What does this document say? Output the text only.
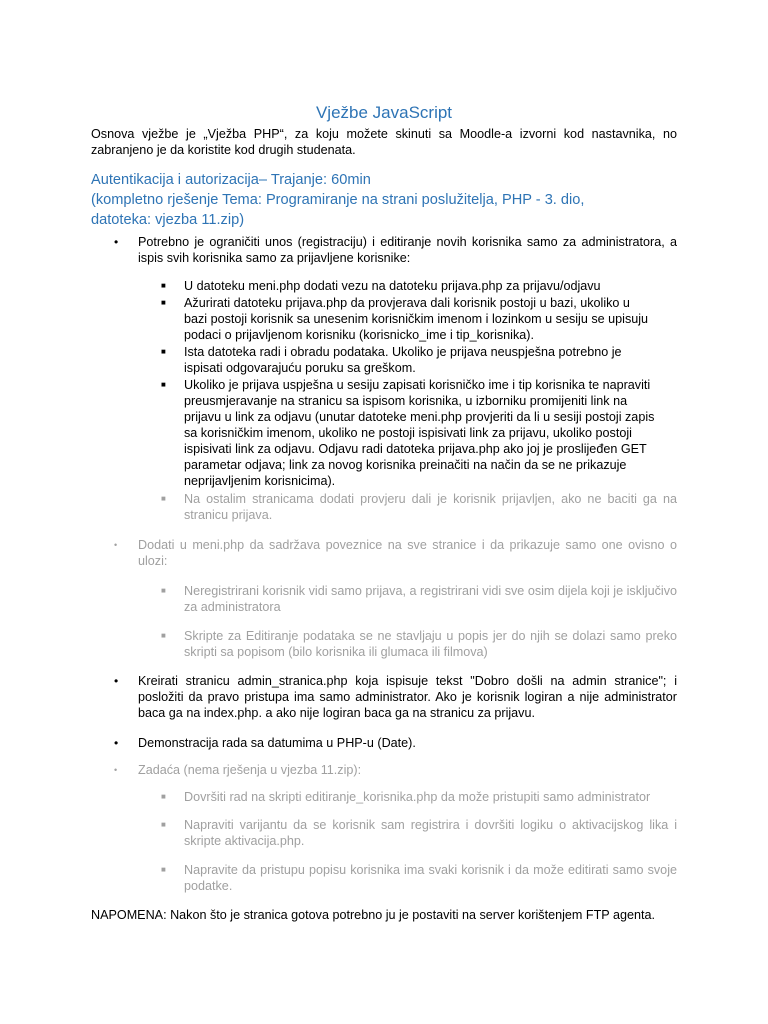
Vježbe JavaScript
Osnova vježbe je „Vježba PHP“, za koju možete skinuti sa Moodle-a izvorni kod nastavnika, no zabranjeno je da koristite kod drugih studenata.
Autentikacija i autorizacija– Trajanje: 60min
(kompletno rješenje Tema: Programiranje na strani poslužitelja, PHP - 3. dio,
datoteka: vjezba 11.zip)
• Potrebno je ograničiti unos (registraciju) i editiranje novih korisnika samo za administratora, a ispis svih korisnika samo za prijavljene korisnike:
■ U datoteku meni.php dodati vezu na datoteku prijava.php za prijavu/odjavu
■ Ažurirati datoteku prijava.php da provjerava dali korisnik postoji u bazi, ukoliko u bazi postoji korisnik sa unesenim korisničkim imenom i lozinkom u sesiju se upisuju podaci o prijavljenom korisniku (korisnicko_ime i tip_korisnika).
■ Ista datoteka radi i obradu podataka. Ukoliko je prijava neuspješna potrebno je ispisati odgovarajuću poruku sa greškom.
■ Ukoliko je prijava uspješna u sesiju zapisati korisničko ime i tip korisnika te napraviti preusmjeravanje na stranicu sa ispisom korisnika, u izborniku promijeniti link na prijavu u link za odjavu (unutar datoteke meni.php provjeriti da li u sesiji postoji zapis sa korisničkim imenom, ukoliko ne postoji ispisivati link za prijavu, ukoliko postoji ispisivati link za odjavu. Odjavu radi datoteka prijava.php ako joj je proslijeđen GET parametar odjava; link za novog korisnika preinačiti na način da se ne prikazuje neprijavljenim korisnicima).
■ Na ostalim stranicama dodati provjeru dali je korisnik prijavljen, ako ne baciti ga na stranicu prijava.
• Dodati u meni.php da sadržava poveznice na sve stranice i da prikazuje samo one ovisno o ulozi:
■ Neregistrirani korisnik vidi samo prijava, a registrirani vidi sve osim dijela koji je isključivo za administratora
■ Skripte za Editiranje podataka se ne stavljaju u popis jer do njih se dolazi samo preko skripti sa popisom (bilo korisnika ili glumaca ili filmova)
• Kreirati stranicu admin_stranica.php koja ispisuje tekst "Dobro došli na admin stranice"; i posložiti da pravo pristupa ima samo administrator. Ako je korisnik logiran a nije administrator baca ga na index.php. a ako nije logiran baca ga na stranicu za prijavu.
• Demonstracija rada sa datumima u PHP-u (Date).
• Zadaća (nema rješenja u vjezba 11.zip):
■ Dovršiti rad na skripti editiranje_korisnika.php da može pristupiti samo administrator
■ Napraviti varijantu da se korisnik sam registrira i dovršiti logiku o aktivacijskog lika i skripte aktivacija.php.
■ Napravite da pristupu popisu korisnika ima svaki korisnik i da može editirati samo svoje podatke.
NAPOMENA: Nakon što je stranica gotova potrebno ju je postaviti na server korištenjem FTP agenta.
